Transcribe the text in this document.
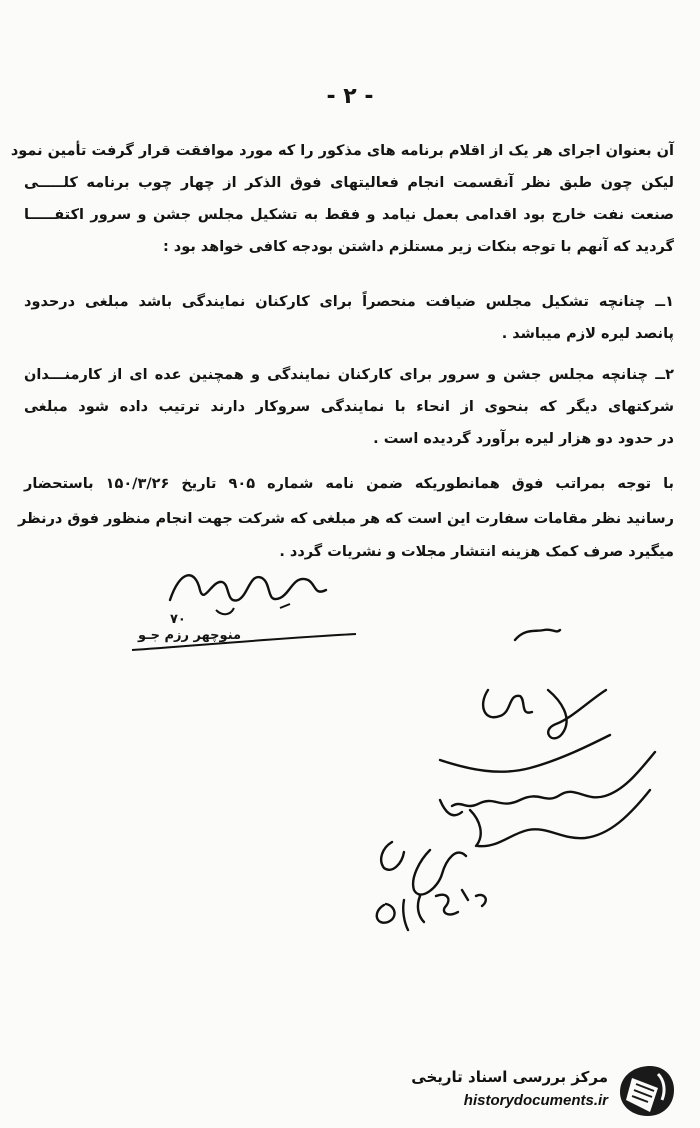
- ۲ -
آن بعنوان اجرای هر یک از اقلام برنامه های مذکور را که مورد موافقت قرار گرفت تأمین نمود
لیکن چون طبق نظر آنقسمت انجام فعالیتهای فوق الذکر از چهار چوب برنامه کلـــــی
صنعت نفت خارج بود اقدامی بعمل نیامد و فقط به تشکیل مجلس جشن و سرور اکتفـــــا
گردید که آنهم با توجه بنکات زیر مستلزم داشتن بودجه کافی خواهد بود :
۱ــ چنانچه تشکیل مجلس ضیافت منحصراً برای کارکنان نمایندگی باشد مبلغی درحدود
پانصد لیره لازم میباشد .
۲ــ چنانچه مجلس جشن و سرور برای کارکنان نمایندگی و همچنین عده ای از کارمنـــدان
شرکتهای دیگر که بنحوی از انحاء با نمایندگی سروکار دارند ترتیب داده شود مبلغی
در حدود دو هزار لیره برآورد گردیده است .
با توجه بمراتب فوق همانطوریکه ضمن نامه شماره ۹۰۵ تاریخ ۱۵۰/۳/۲۶ باستحضار
رسانید نظر مقامات سفارت این است که هر مبلغی که شرکت جهت انجام منظور فوق درنظر
میگیرد صرف کمک هزینه انتشار مجلات و نشریات گردد .
۷۰
منوچهر رزم جـو
مرکز بررسی اسناد تاریخی
historydocuments.ir
